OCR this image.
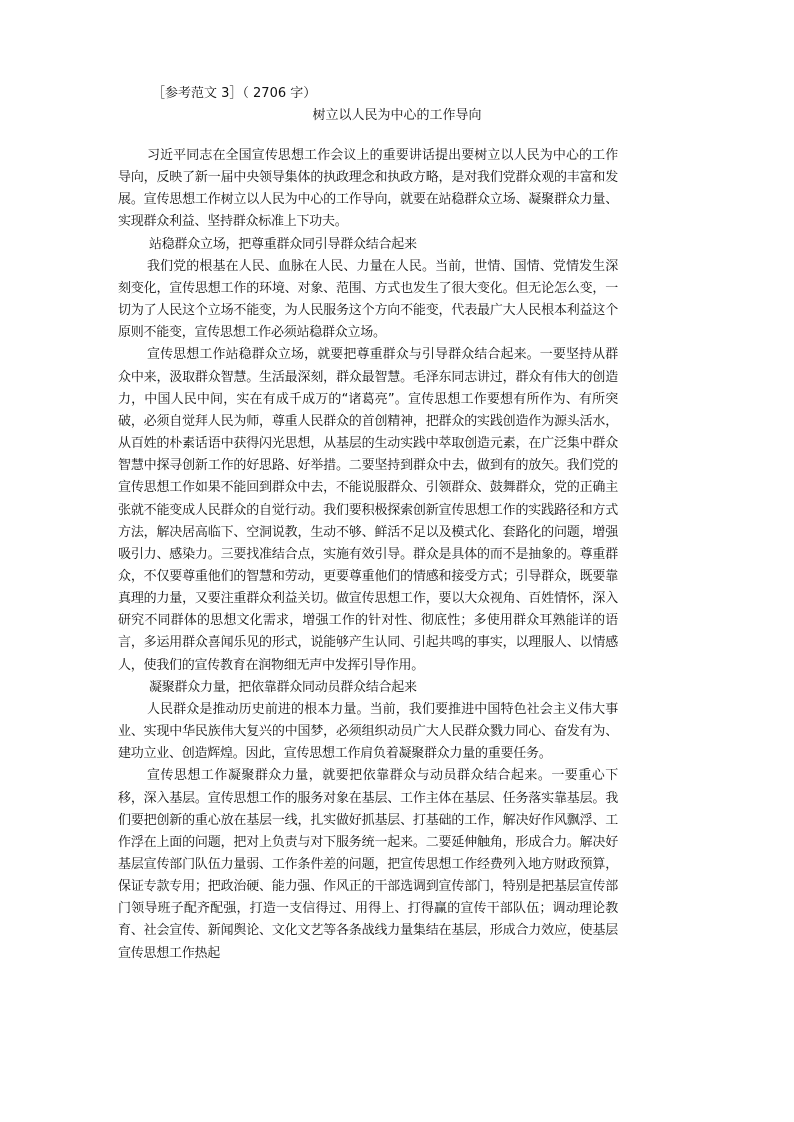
［参考范文 3］（ 2706 字）
树立以人民为中心的工作导向

习近平同志在全国宣传思想工作会议上的重要讲话提出要树立以人民为中心的工作导向，反映了新一届中央领导集体的执政理念和执政方略，是对我们党群众观的丰富和发展。宣传思想工作树立以人民为中心的工作导向，就要在站稳群众立场、凝聚群众力量、实现群众利益、坚持群众标准上下功夫。

站稳群众立场，把尊重群众同引导群众结合起来

我们党的根基在人民、血脉在人民、力量在人民。当前，世情、国情、党情发生深刻变化，宣传思想工作的环境、对象、范围、方式也发生了很大变化。但无论怎么变，一切为了人民这个立场不能变，为人民服务这个方向不能变，代表最广大人民根本利益这个原则不能变，宣传思想工作必须站稳群众立场。

宣传思想工作站稳群众立场，就要把尊重群众与引导群众结合起来。一要坚持从群众中来，汲取群众智慧。生活最深刻，群众最智慧。毛泽东同志讲过，群众有伟大的创造力，中国人民中间，实在有成千成万的“诸葛亮”。宣传思想工作要想有所作为、有所突破，必须自觉拜人民为师，尊重人民群众的首创精神，把群众的实践创造作为源头活水，从百姓的朴素话语中获得闪光思想，从基层的生动实践中萃取创造元素，在广泛集中群众智慧中探寻创新工作的好思路、好举措。二要坚持到群众中去，做到有的放矢。我们党的宣传思想工作如果不能回到群众中去，不能说服群众、引领群众、鼓舞群众，党的正确主张就不能变成人民群众的自觉行动。我们要积极探索创新宣传思想工作的实践路径和方式方法，解决居高临下、空洞说教，生动不够、鲜活不足以及模式化、套路化的问题，增强吸引力、感染力。三要找准结合点，实施有效引导。群众是具体的而不是抽象的。尊重群众，不仅要尊重他们的智慧和劳动，更要尊重他们的情感和接受方式；引导群众，既要靠真理的力量，又要注重群众利益关切。做宣传思想工作，要以大众视角、百姓情怀，深入研究不同群体的思想文化需求，增强工作的针对性、彻底性；多使用群众耳熟能详的语言，多运用群众喜闻乐见的形式，说能够产生认同、引起共鸣的事实，以理服人、以情感人，使我们的宣传教育在润物细无声中发挥引导作用。

凝聚群众力量，把依靠群众同动员群众结合起来

人民群众是推动历史前进的根本力量。当前，我们要推进中国特色社会主义伟大事业、实现中华民族伟大复兴的中国梦，必须组织动员广大人民群众戮力同心、奋发有为、建功立业、创造辉煌。因此，宣传思想工作肩负着凝聚群众力量的重要任务。

宣传思想工作凝聚群众力量，就要把依靠群众与动员群众结合起来。一要重心下移，深入基层。宣传思想工作的服务对象在基层、工作主体在基层、任务落实靠基层。我们要把创新的重心放在基层一线，扎实做好抓基层、打基础的工作，解决好作风飘浮、工作浮在上面的问题，把对上负责与对下服务统一起来。二要延伸触角，形成合力。解决好基层宣传部门队伍力量弱、工作条件差的问题，把宣传思想工作经费列入地方财政预算，保证专款专用；把政治硬、能力强、作风正的干部选调到宣传部门，特别是把基层宣传部门领导班子配齐配强，打造一支信得过、用得上、打得赢的宣传干部队伍；调动理论教育、社会宣传、新闻舆论、文化文艺等各条战线力量集结在基层，形成合力效应，使基层宣传思想工作热起
